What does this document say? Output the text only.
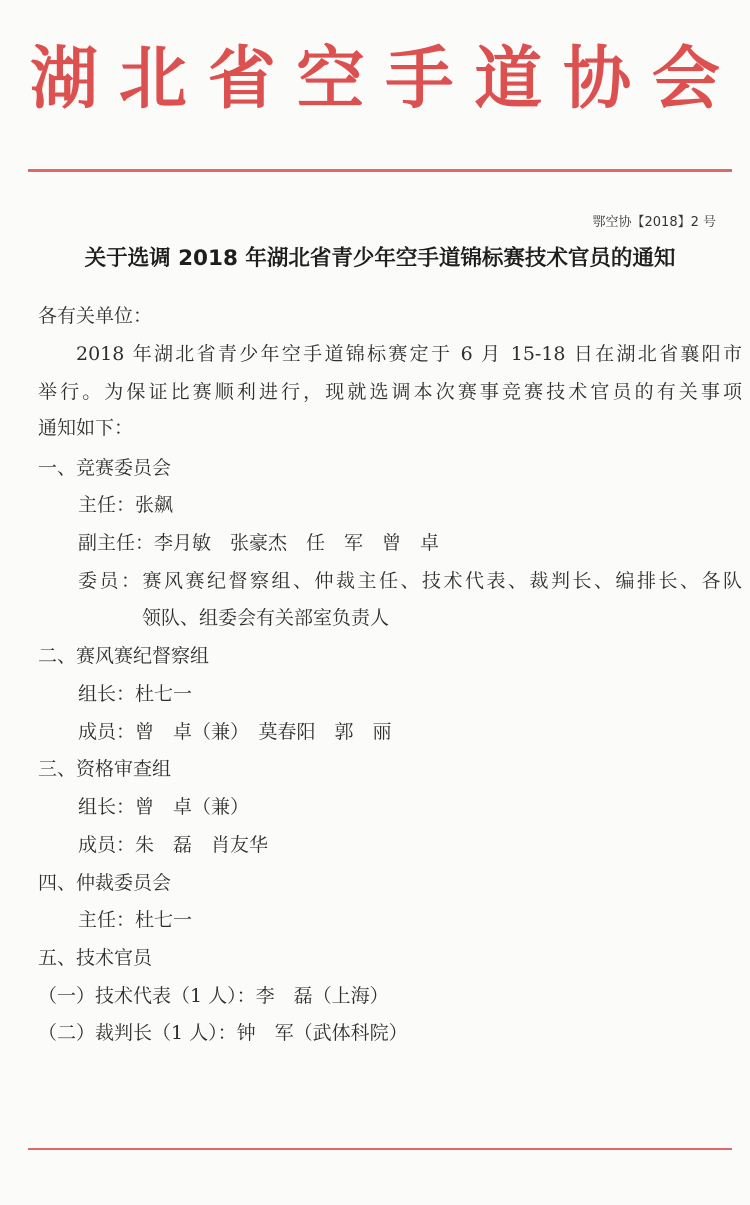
湖 北 省 空 手 道 协 会
鄂空协【2018】2 号
关于选调 2018 年湖北省青少年空手道锦标赛技术官员的通知
各有关单位：
2018 年湖北省青少年空手道锦标赛定于 6 月 15-18 日在湖北省襄阳市
举行。为保证比赛顺利进行，现就选调本次赛事竞赛技术官员的有关事项
通知如下：
一、竞赛委员会
主任：张飙
副主任：李月敏　张豪杰　任　军　曾　卓
委员：赛风赛纪督察组、仲裁主任、技术代表、裁判长、编排长、各队
领队、组委会有关部室负责人
二、赛风赛纪督察组
组长：杜七一
成员：曾　卓（兼）　莫春阳　郭　丽
三、资格审查组
组长：曾　卓（兼）
成员：朱　磊　肖友华
四、仲裁委员会
主任：杜七一
五、技术官员
（一）技术代表（1 人）：李　磊（上海）
（二）裁判长（1 人）：钟　军（武体科院）
